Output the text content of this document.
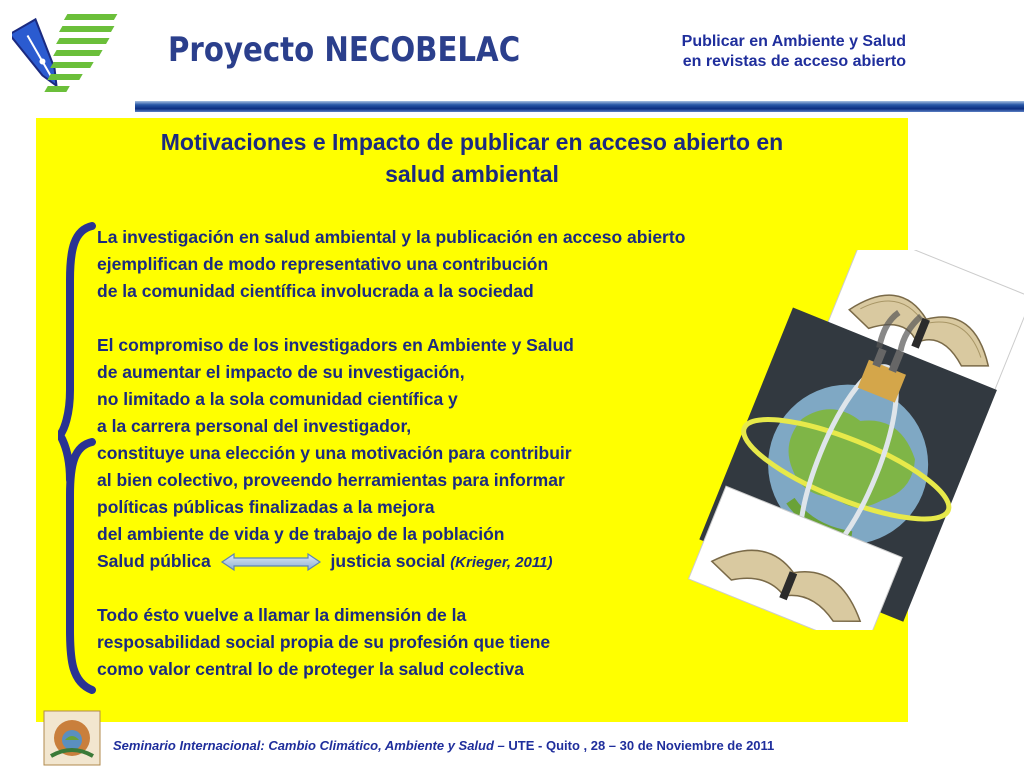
Proyecto NECOBELAC	Publicar en Ambiente y Salud
en revistas de acceso abierto
Motivaciones e Impacto de publicar en acceso abierto en
salud ambiental
La investigación en salud ambiental y la publicación en acceso abierto
ejemplifican de modo representativo una contribución
de la comunidad científica involucrada a la sociedad
El compromiso de los investigadors en Ambiente y Salud
de aumentar el impacto de su investigación,
no limitado a la sola comunidad científica y
a la carrera personal del investigador,
constituye una elección y una motivación para contribuir
al bien colectivo, proveendo herramientas para informar
políticas públicas finalizadas a la mejora
del ambiente de vida y de trabajo de la población
Salud pública	justicia social (Krieger, 2011)
Todo ésto vuelve a llamar la dimensión de la
resposabilidad social propia de su profesión que tiene
como valor central lo de proteger la salud colectiva
Seminario Internacional: Cambio Climático, Ambiente y Salud – UTE - Quito , 28 – 30 de Noviembre de 2011
